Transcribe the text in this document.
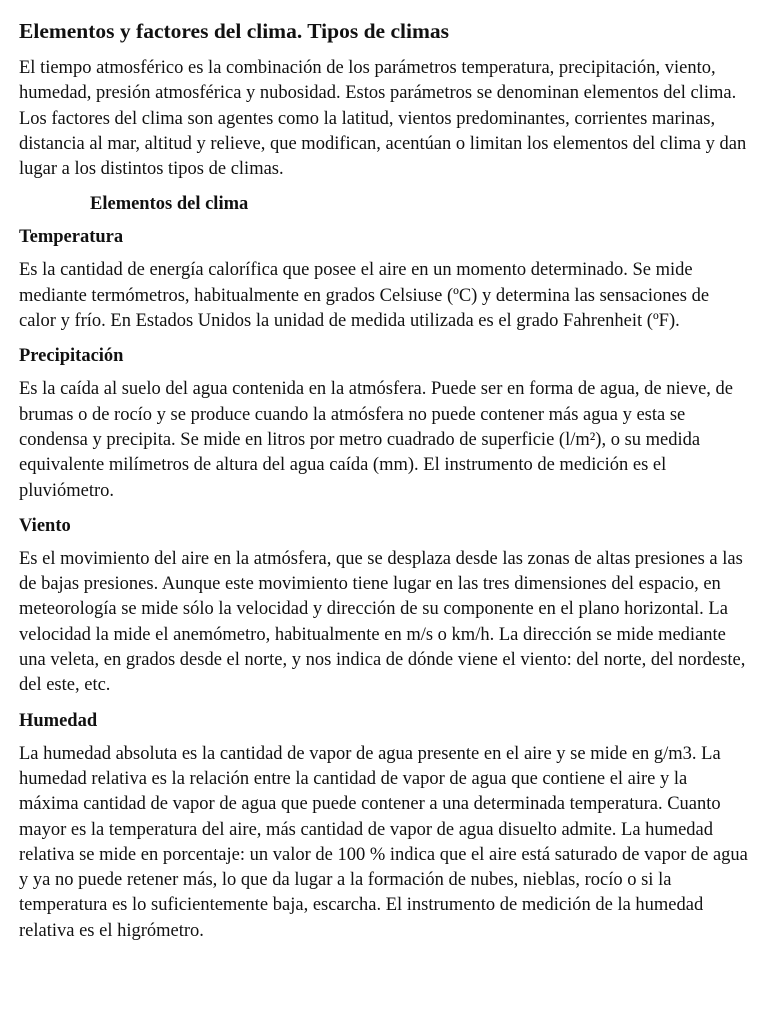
Elementos y factores del clima. Tipos de climas

El tiempo atmosférico es la combinación de los parámetros temperatura, precipitación, viento, humedad, presión atmosférica y nubosidad. Estos parámetros se denominan elementos del clima. Los factores del clima son agentes como la latitud, vientos predominantes, corrientes marinas, distancia al mar, altitud y relieve, que modifican, acentúan o limitan los elementos del clima y dan lugar a los distintos tipos de climas.

Elementos del clima
Temperatura

Es la cantidad de energía calorífica que posee el aire en un momento determinado. Se mide mediante termómetros, habitualmente en grados Celsiuse (ºC) y determina las sensaciones de calor y frío. En Estados Unidos la unidad de medida utilizada es el grado Fahrenheit (ºF).

Precipitación

Es la caída al suelo del agua contenida en la atmósfera. Puede ser en forma de agua, de nieve, de brumas o de rocío y se produce cuando la atmósfera no puede contener más agua y esta se condensa y precipita. Se mide en litros por metro cuadrado de superficie (l/m²), o su medida equivalente milímetros de altura del agua caída (mm). El instrumento de medición es el pluviómetro.

Viento

Es el movimiento del aire en la atmósfera, que se desplaza desde las zonas de altas presiones a las de bajas presiones. Aunque este movimiento tiene lugar en las tres dimensiones del espacio, en meteorología se mide sólo la velocidad y dirección de su componente en el plano horizontal. La velocidad la mide el anemómetro, habitualmente en m/s o km/h. La dirección se mide mediante una veleta, en grados desde el norte, y nos indica de dónde viene el viento: del norte, del nordeste, del este, etc.

Humedad

La humedad absoluta es la cantidad de vapor de agua presente en el aire y se mide en g/m3. La humedad relativa es la relación entre la cantidad de vapor de agua que contiene el aire y la máxima cantidad de vapor de agua que puede contener a una determinada temperatura. Cuanto mayor es la temperatura del aire, más cantidad de vapor de agua disuelto admite. La humedad relativa se mide en porcentaje: un valor de 100 % indica que el aire está saturado de vapor de agua y ya no puede retener más, lo que da lugar a la formación de nubes, nieblas, rocío o si la temperatura es lo suficientemente baja, escarcha. El instrumento de medición de la humedad relativa es el higrómetro.
